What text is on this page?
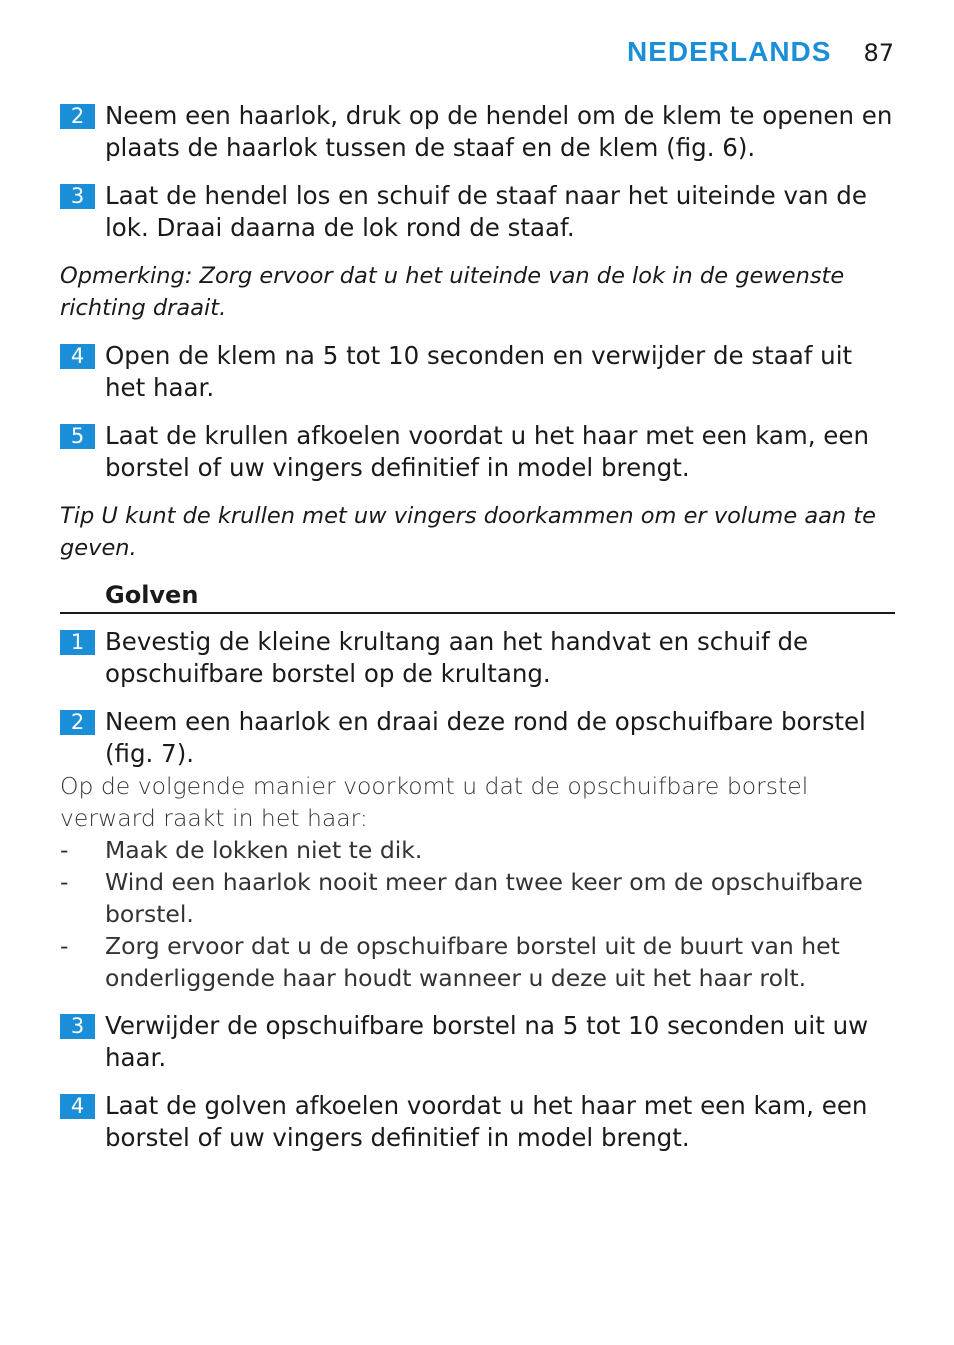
NEDERLANDS 87
2 Neem een haarlok, druk op de hendel om de klem te openen en plaats de haarlok tussen de staaf en de klem (fig. 6).
3 Laat de hendel los en schuif de staaf naar het uiteinde van de lok. Draai daarna de lok rond de staaf.
Opmerking: Zorg ervoor dat u het uiteinde van de lok in de gewenste richting draait.
4 Open de klem na 5 tot 10 seconden en verwijder de staaf uit het haar.
5 Laat de krullen afkoelen voordat u het haar met een kam, een borstel of uw vingers definitief in model brengt.
Tip U kunt de krullen met uw vingers doorkammen om er volume aan te geven.
Golven
1 Bevestig de kleine krultang aan het handvat en schuif de opschuifbare borstel op de krultang.
2 Neem een haarlok en draai deze rond de opschuifbare borstel (fig. 7).
Op de volgende manier voorkomt u dat de opschuifbare borstel verward raakt in het haar:
- Maak de lokken niet te dik.
- Wind een haarlok nooit meer dan twee keer om de opschuifbare borstel.
- Zorg ervoor dat u de opschuifbare borstel uit de buurt van het onderliggende haar houdt wanneer u deze uit het haar rolt.
3 Verwijder de opschuifbare borstel na 5 tot 10 seconden uit uw haar.
4 Laat de golven afkoelen voordat u het haar met een kam, een borstel of uw vingers definitief in model brengt.
